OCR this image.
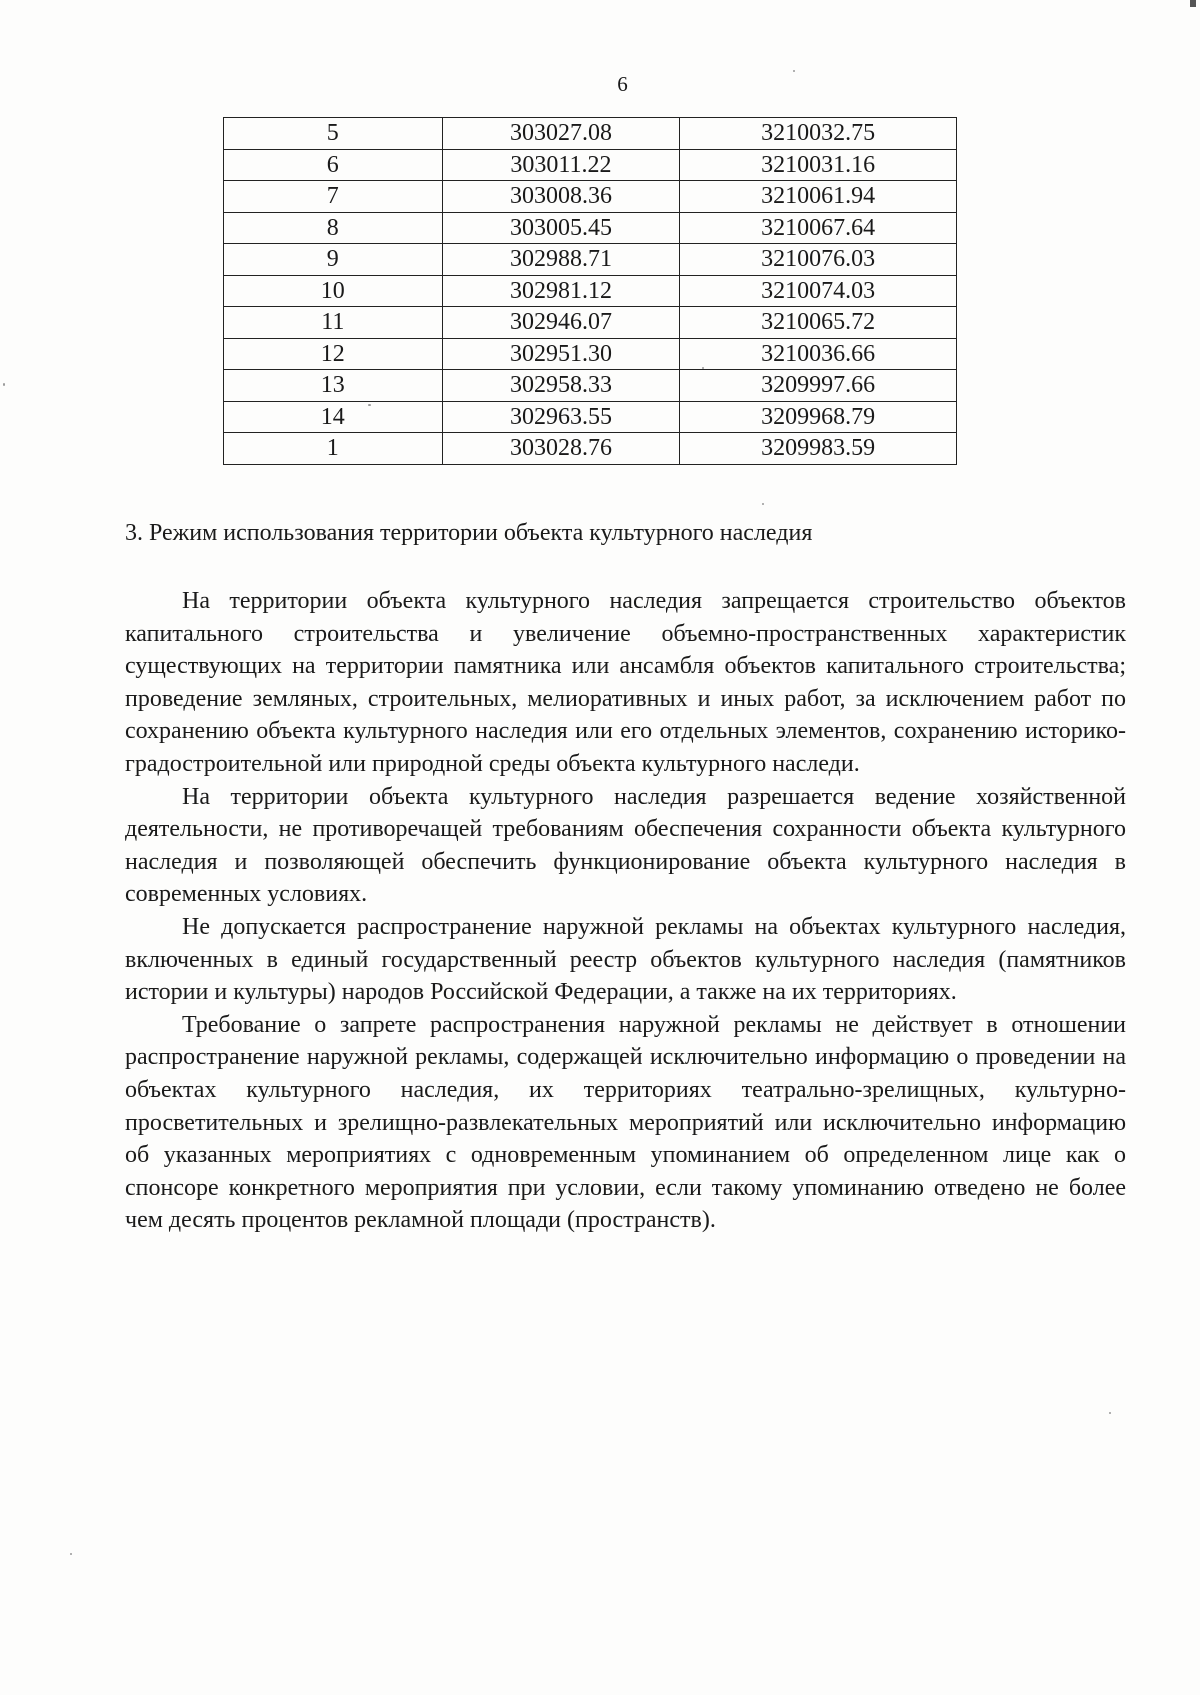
6
5	303027.08	3210032.75
6	303011.22	3210031.16
7	303008.36	3210061.94
8	303005.45	3210067.64
9	302988.71	3210076.03
10	302981.12	3210074.03
11	302946.07	3210065.72
12	302951.30	3210036.66
13	302958.33	3209997.66
14	302963.55	3209968.79
1	303028.76	3209983.59
3. Режим использования территории объекта культурного наследия

На территории объекта культурного наследия запрещается строительство объектов капитального строительства и увеличение объемно-пространственных характеристик существующих на территории памятника или ансамбля объектов капитального строительства; проведение земляных, строительных, мелиоративных и иных работ, за исключением работ по сохранению объекта культурного наследия или его отдельных элементов, сохранению историко-градостроительной или природной среды объекта культурного наследи.

На территории объекта культурного наследия разрешается ведение хозяйственной деятельности, не противоречащей требованиям обеспечения сохранности объекта культурного наследия и позволяющей обеспечить функционирование объекта культурного наследия в современных условиях.

Не допускается распространение наружной рекламы на объектах культурного наследия, включенных в единый государственный реестр объектов культурного наследия (памятников истории и культуры) народов Российской Федерации, а также на их территориях.

Требование о запрете распространения наружной рекламы не действует в отношении распространение наружной рекламы, содержащей исключительно информацию о проведении на объектах культурного наследия, их территориях театрально-зрелищных, культурно-просветительных и зрелищно-развлекательных мероприятий или исключительно информацию об указанных мероприятиях с одновременным упоминанием об определенном лице как о спонсоре конкретного мероприятия при условии, если такому упоминанию отведено не более чем десять процентов рекламной площади (пространств).
